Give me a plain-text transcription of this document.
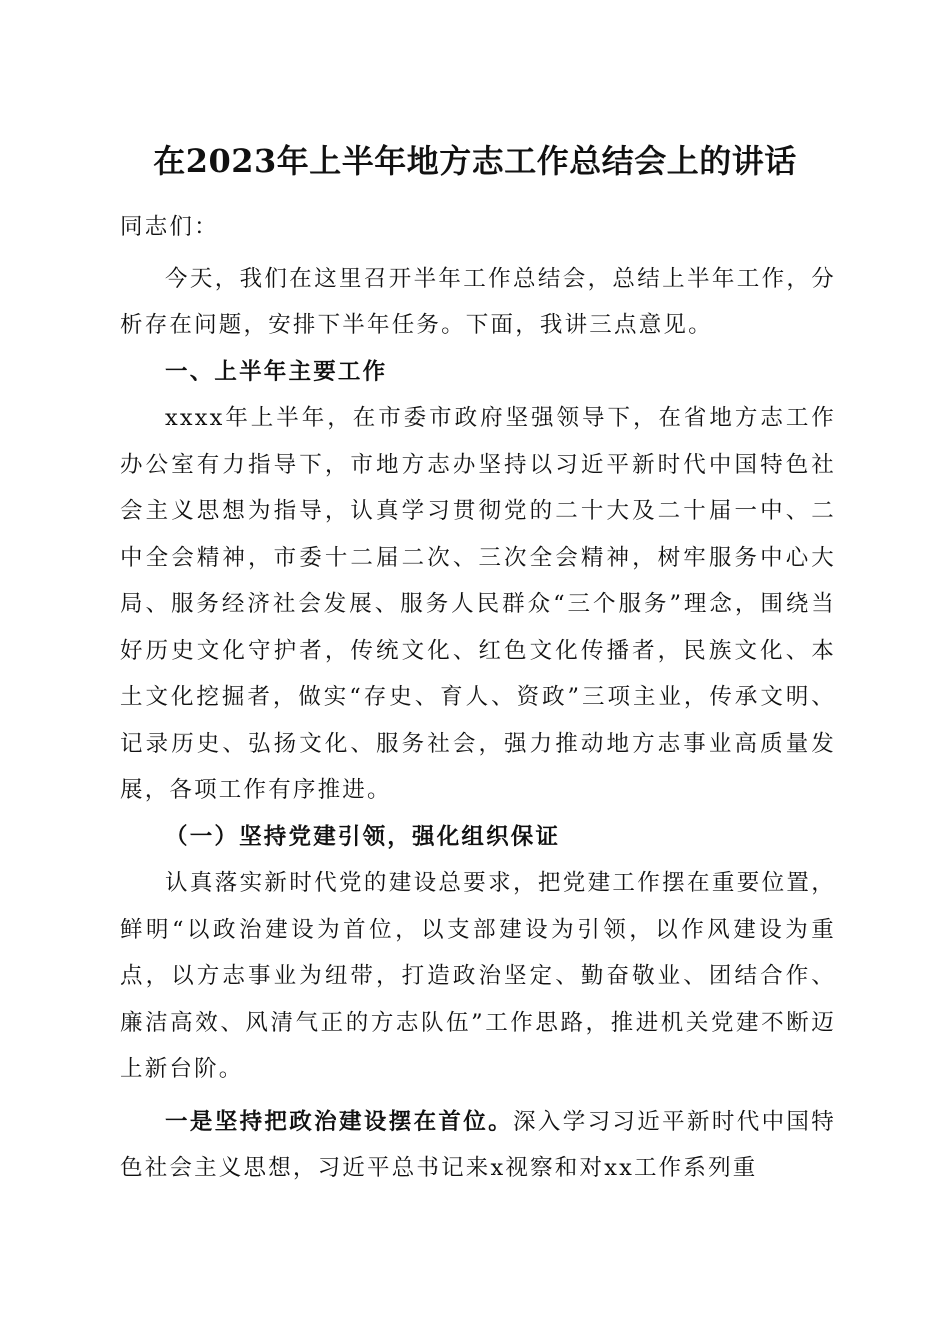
在2023年上半年地方志工作总结会上的讲话

同志们：

今天，我们在这里召开半年工作总结会，总结上半年工作，分析存在问题，安排下半年任务。下面，我讲三点意见。

一、上半年主要工作

xxxx年上半年，在市委市政府坚强领导下，在省地方志工作办公室有力指导下，市地方志办坚持以习近平新时代中国特色社会主义思想为指导，认真学习贯彻党的二十大及二十届一中、二中全会精神，市委十二届二次、三次全会精神，树牢服务中心大局、服务经济社会发展、服务人民群众“三个服务”理念，围绕当好历史文化守护者，传统文化、红色文化传播者，民族文化、本土文化挖掘者，做实“存史、育人、资政”三项主业，传承文明、记录历史、弘扬文化、服务社会，强力推动地方志事业高质量发展，各项工作有序推进。

（一）坚持党建引领，强化组织保证

认真落实新时代党的建设总要求，把党建工作摆在重要位置，鲜明“以政治建设为首位，以支部建设为引领，以作风建设为重点，以方志事业为纽带，打造政治坚定、勤奋敬业、团结合作、廉洁高效、风清气正的方志队伍”工作思路，推进机关党建不断迈上新台阶。

一是坚持把政治建设摆在首位。深入学习习近平新时代中国特色社会主义思想，习近平总书记来x视察和对xx工作系列重
